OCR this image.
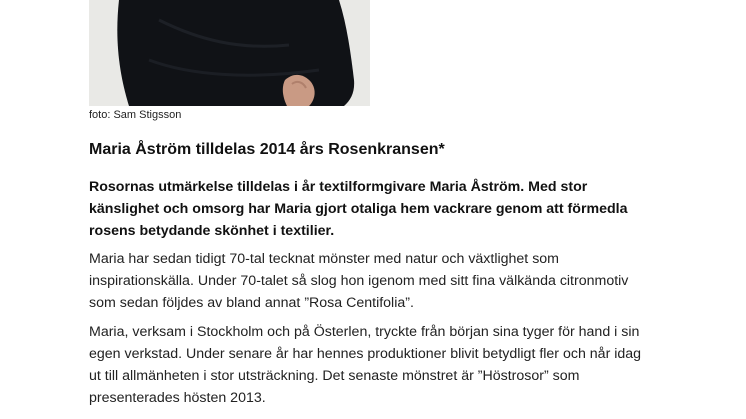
foto: Sam Stigsson
Maria Åström tilldelas 2014 års Rosenkransen*

Rosornas utmärkelse tilldelas i år textilformgivare Maria Åström. Med stor känslighet och omsorg har Maria gjort otaliga hem vackrare genom att förmedla rosens betydande skönhet i textilier.

Maria har sedan tidigt 70-tal tecknat mönster med natur och växtlighet som inspirationskälla. Under 70-talet så slog hon igenom med sitt fina välkända citronmotiv som sedan följdes av bland annat ”Rosa Centifolia”.

Maria, verksam i Stockholm och på Österlen, tryckte från början sina tyger för hand i sin egen verkstad. Under senare år har hennes produktioner blivit betydligt fler och når idag ut till allmänheten i stor utsträckning. Det senaste mönstret är ”Höstrosor” som presenterades hösten 2013.
